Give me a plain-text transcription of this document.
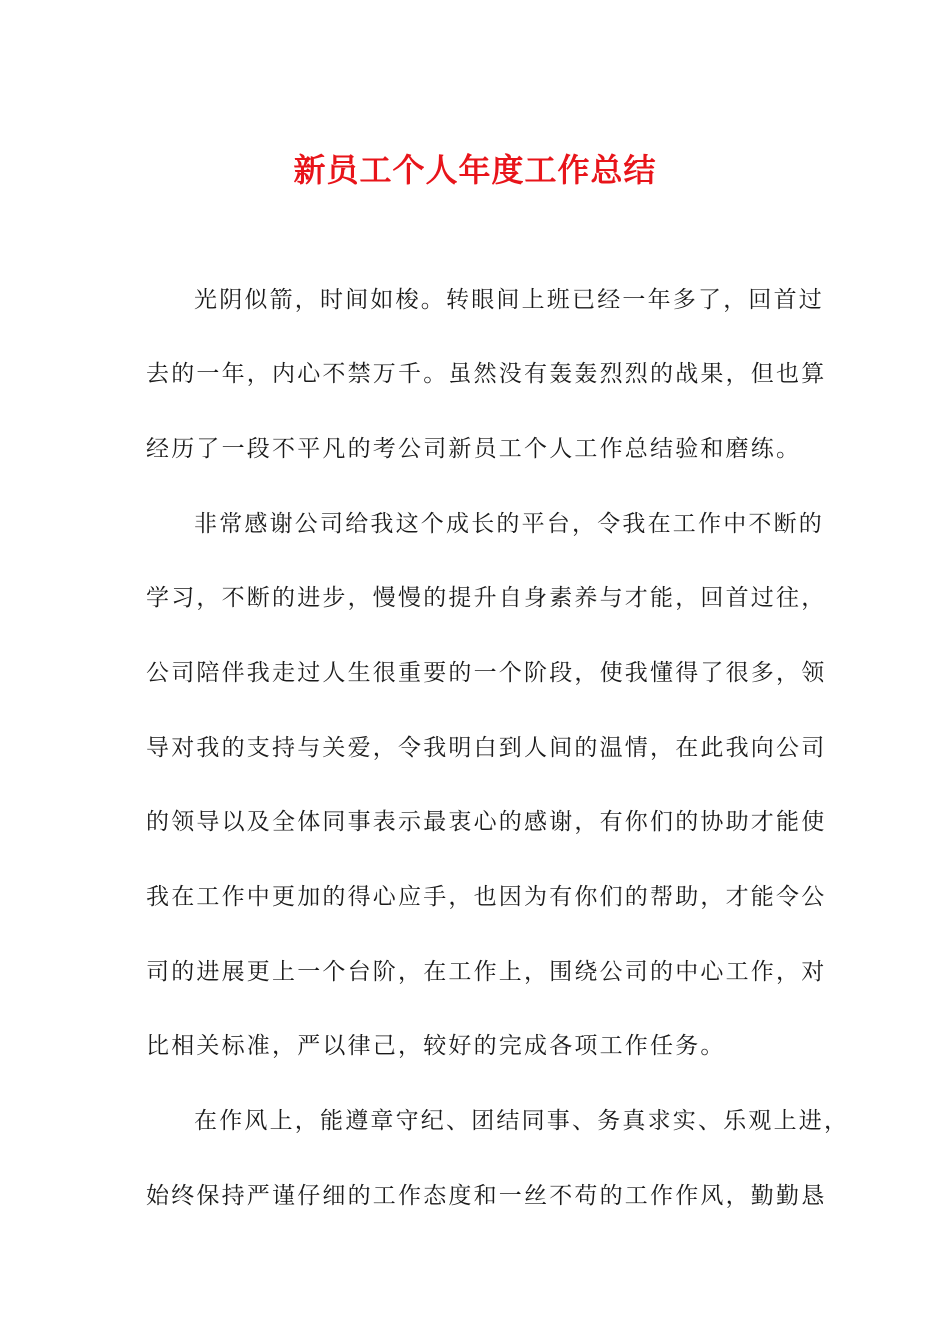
新员工个人年度工作总结
光阴似箭，时间如梭。转眼间上班已经一年多了，回首过
去的一年，内心不禁万千。虽然没有轰轰烈烈的战果，但也算
经历了一段不平凡的考公司新员工个人工作总结验和磨练。
非常感谢公司给我这个成长的平台，令我在工作中不断的
学习，不断的进步，慢慢的提升自身素养与才能，回首过往，
公司陪伴我走过人生很重要的一个阶段，使我懂得了很多，领
导对我的支持与关爱，令我明白到人间的温情，在此我向公司
的领导以及全体同事表示最衷心的感谢，有你们的协助才能使
我在工作中更加的得心应手，也因为有你们的帮助，才能令公
司的进展更上一个台阶，在工作上，围绕公司的中心工作，对
比相关标准，严以律己，较好的完成各项工作任务。
在作风上，能遵章守纪、团结同事、务真求实、乐观上进，
始终保持严谨仔细的工作态度和一丝不苟的工作作风，勤勤恳
